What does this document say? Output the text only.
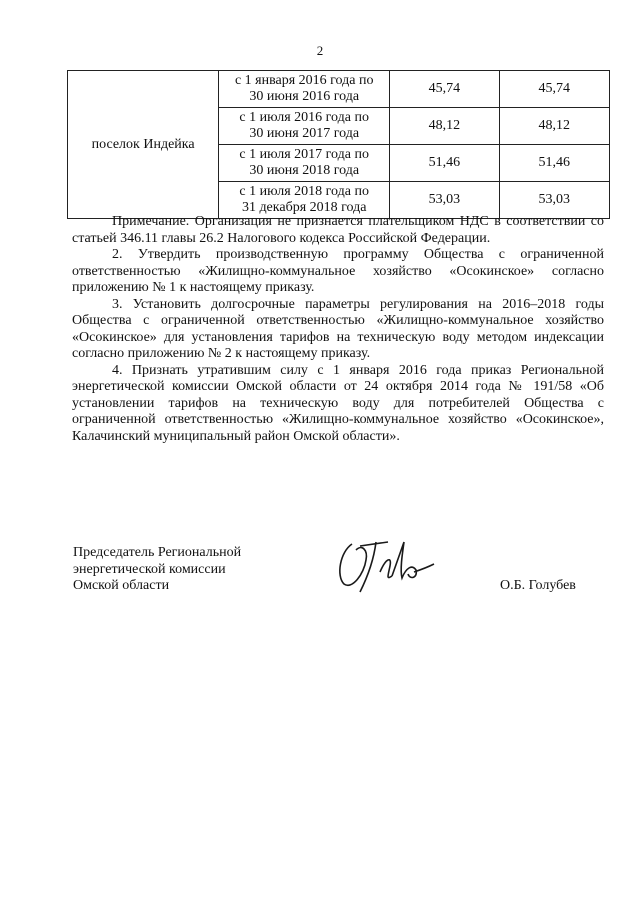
2
поселок Индейка	с 1 января 2016 года по
30 июня 2016 года	45,74	45,74

	с 1 июля 2016 года по
30 июня 2017 года	48,12	48,12

	с 1 июля 2017 года по
30 июня 2018 года	51,46	51,46

	с 1 июля 2018 года по
31 декабря 2018 года	53,03	53,03

Примечание. Организация не признается плательщиком НДС в соответствии со статьей 346.11 главы 26.2 Налогового кодекса Российской Федерации.

2. Утвердить производственную программу Общества с ограниченной ответственностью «Жилищно-коммунальное хозяйство «Осокинское» согласно приложению № 1 к настоящему приказу.

3. Установить долгосрочные параметры регулирования на 2016–2018 годы Общества с ограниченной ответственностью «Жилищно-коммунальное хозяйство «Осокинское» для установления тарифов на техническую воду методом индексации согласно приложению № 2 к настоящему приказу.

4. Признать утратившим силу с 1 января 2016 года приказ Региональной энергетической комиссии Омской области от 24 октября 2014 года № 191/58 «Об установлении тарифов на техническую воду для потребителей Общества с ограниченной ответственностью «Жилищно-коммунальное хозяйство «Осокинское», Калачинский муниципальный район Омской области».

Председатель Региональной
энергетической комиссии
Омской области	О.Б. Голубев
